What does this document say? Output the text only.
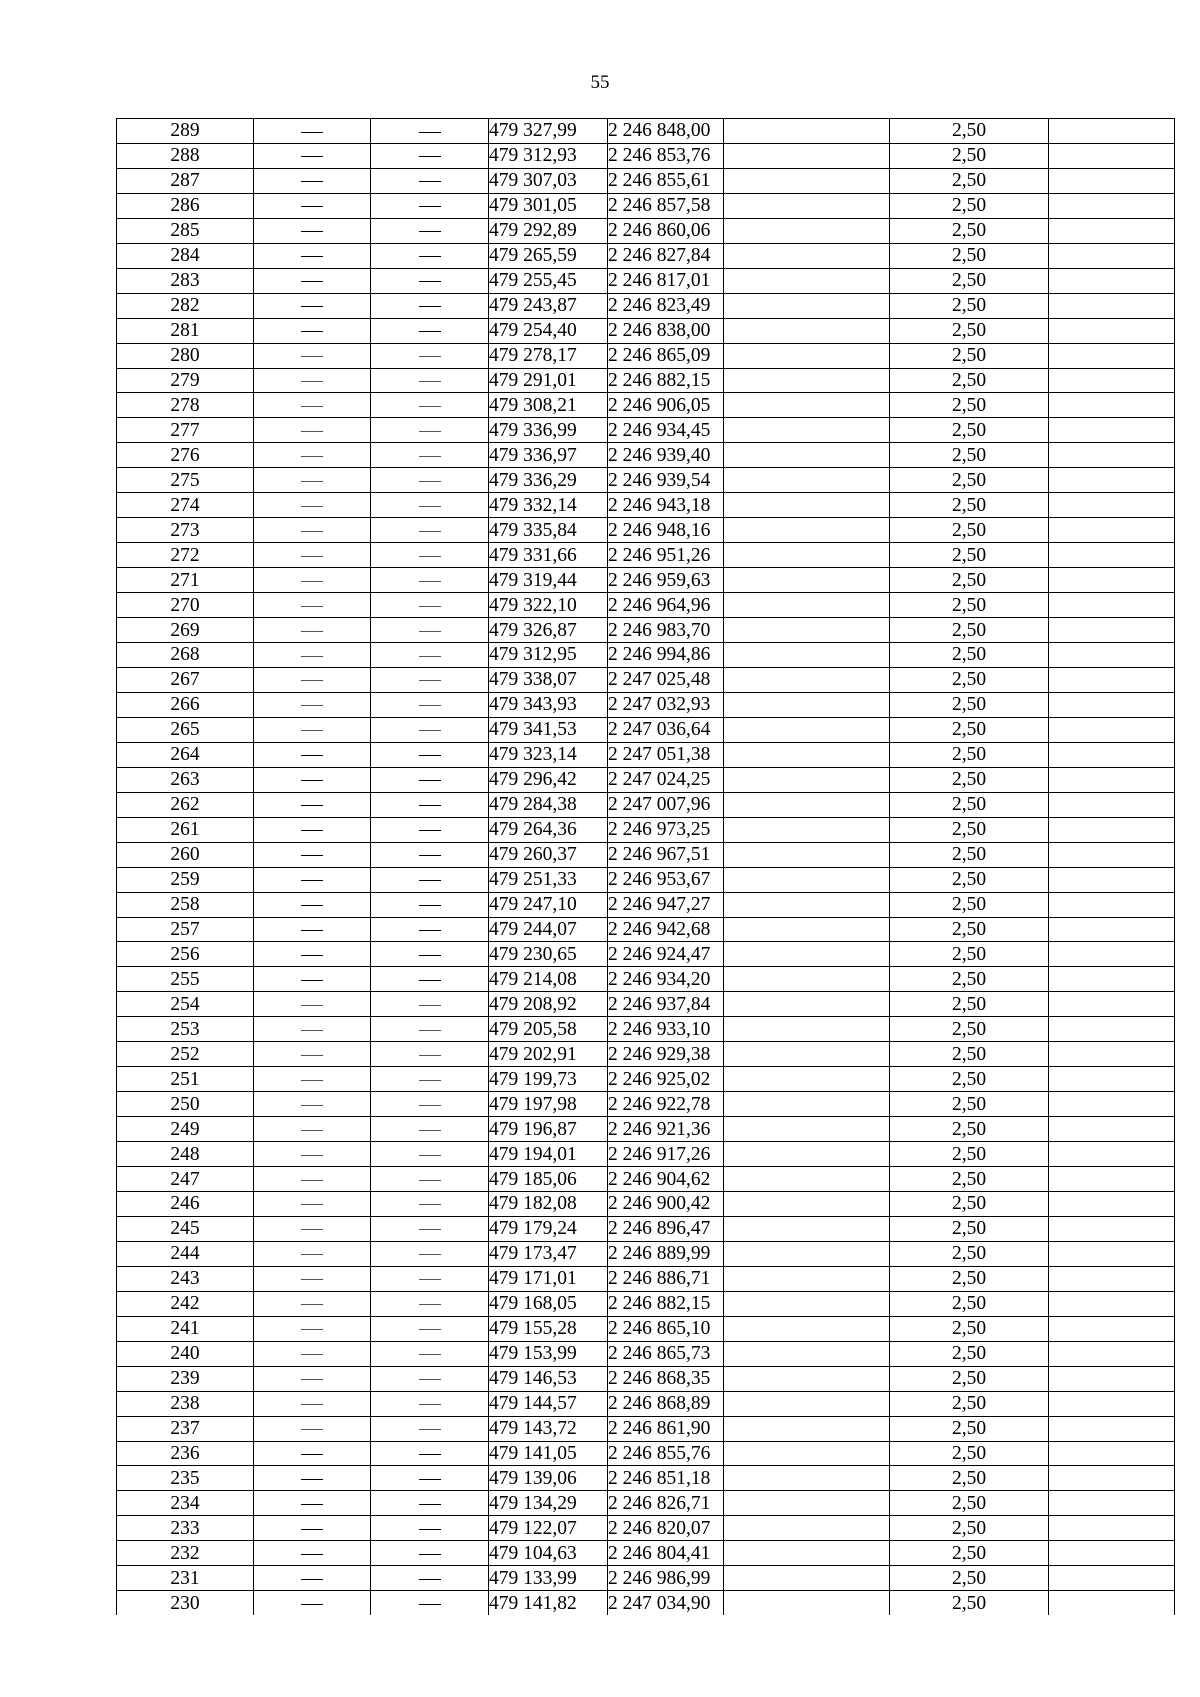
55
289			479 327,99	2 246 848,00		2,50	
288			479 312,93	2 246 853,76		2,50	
287			479 307,03	2 246 855,61		2,50	
286			479 301,05	2 246 857,58		2,50	
285			479 292,89	2 246 860,06		2,50	
284			479 265,59	2 246 827,84		2,50	
283			479 255,45	2 246 817,01		2,50	
282			479 243,87	2 246 823,49		2,50	
281			479 254,40	2 246 838,00		2,50	
280			479 278,17	2 246 865,09		2,50	
279			479 291,01	2 246 882,15		2,50	
278			479 308,21	2 246 906,05		2,50	
277			479 336,99	2 246 934,45		2,50	
276			479 336,97	2 246 939,40		2,50	
275			479 336,29	2 246 939,54		2,50	
274			479 332,14	2 246 943,18		2,50	
273			479 335,84	2 246 948,16		2,50	
272			479 331,66	2 246 951,26		2,50	
271			479 319,44	2 246 959,63		2,50	
270			479 322,10	2 246 964,96		2,50	
269			479 326,87	2 246 983,70		2,50	
268			479 312,95	2 246 994,86		2,50	
267			479 338,07	2 247 025,48		2,50	
266			479 343,93	2 247 032,93		2,50	
265			479 341,53	2 247 036,64		2,50	
264			479 323,14	2 247 051,38		2,50	
263			479 296,42	2 247 024,25		2,50	
262			479 284,38	2 247 007,96		2,50	
261			479 264,36	2 246 973,25		2,50	
260			479 260,37	2 246 967,51		2,50	
259			479 251,33	2 246 953,67		2,50	
258			479 247,10	2 246 947,27		2,50	
257			479 244,07	2 246 942,68		2,50	
256			479 230,65	2 246 924,47		2,50	
255			479 214,08	2 246 934,20		2,50	
254			479 208,92	2 246 937,84		2,50	
253			479 205,58	2 246 933,10		2,50	
252			479 202,91	2 246 929,38		2,50	
251			479 199,73	2 246 925,02		2,50	
250			479 197,98	2 246 922,78		2,50	
249			479 196,87	2 246 921,36		2,50	
248			479 194,01	2 246 917,26		2,50	
247			479 185,06	2 246 904,62		2,50	
246			479 182,08	2 246 900,42		2,50	
245			479 179,24	2 246 896,47		2,50	
244			479 173,47	2 246 889,99		2,50	
243			479 171,01	2 246 886,71		2,50	
242			479 168,05	2 246 882,15		2,50	
241			479 155,28	2 246 865,10		2,50	
240			479 153,99	2 246 865,73		2,50	
239			479 146,53	2 246 868,35		2,50	
238			479 144,57	2 246 868,89		2,50	
237			479 143,72	2 246 861,90		2,50	
236			479 141,05	2 246 855,76		2,50	
235			479 139,06	2 246 851,18		2,50	
234			479 134,29	2 246 826,71		2,50	
233			479 122,07	2 246 820,07		2,50	
232			479 104,63	2 246 804,41		2,50	
231			479 133,99	2 246 986,99		2,50	
230			479 141,82	2 247 034,90		2,50	
